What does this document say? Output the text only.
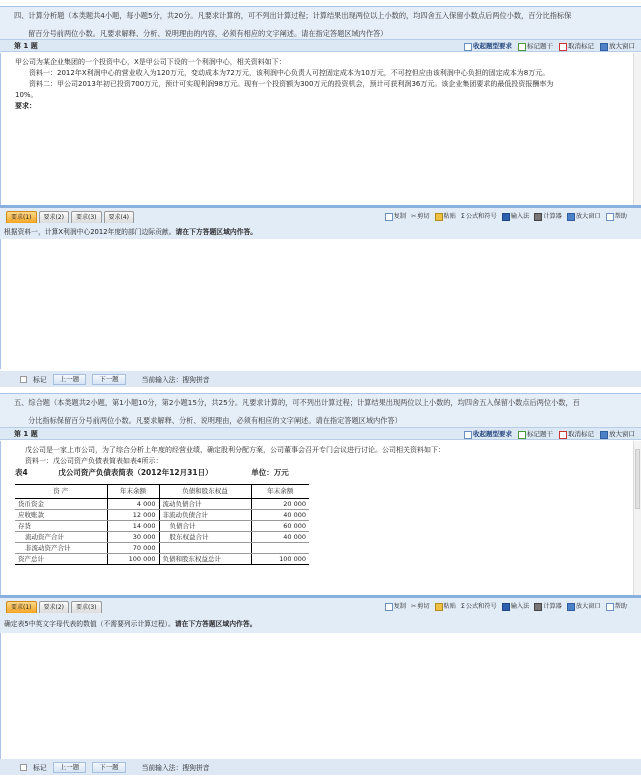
四、计算分析题（本类题共4小题，每小题5分，共20分。凡要求计算的，可不列出计算过程；计算结果出现两位以上小数的，均四舍五入保留小数点后两位小数，百分比指标保
留百分号前两位小数。凡要求解释、分析、说明理由的内容，必须有相应的文字阐述。请在指定答题区域内作答）
第 1 题	收起题型要求 标记题干 取消标记 放大窗口
甲公司为某企业集团的一个投资中心，X是甲公司下设的一个利润中心，相关资料如下：
资料一：2012年X利润中心的营业收入为120万元，变动成本为72万元，该利润中心负责人可控固定成本为10万元，不可控但应由该利润中心负担的固定成本为8万元。
资料二：甲公司2013年初已投资700万元，预计可实现利润98万元。现有一个投资额为300万元的投资机会，预计可获利润36万元。该企业集团要求的最低投资报酬率为
10%。
要求：
要求(1)	要求(2)	要求(3)	要求(4)	复制 ✂ 剪切 粘贴 Σ 公式和符号 输入法 计算器 放大窗口 帮助
根据资料一，计算X利润中心2012年度的部门边际贡献。请在下方答题区域内作答。
标记	上一题	下一题	当前输入法：搜狗拼音
五、综合题（本类题共2小题，第1小题10分，第2小题15分，共25分。凡要求计算的，可不列出计算过程；计算结果出现两位以上小数的，均四舍五入保留小数点后两位小数，百
分比指标保留百分号前两位小数。凡要求解释、分析、说明理由，必须有相应的文字阐述。请在指定答题区域内作答）
第 1 题	收起题型要求 标记题干 取消标记 放大窗口
戊公司是一家上市公司，为了综合分析上年度的经营业绩、确定股利分配方案，公司董事会召开专门会议进行讨论。公司相关资料如下：
资料一：戊公司资产负债表简表如表4所示：
表4	戊公司资产负债表简表（2012年12月31日）	单位：万元
资 产	年末余额	负债和股东权益	年末余额
货币资金	4 000	流动负债合计	20 000
应收账款	12 000	非流动负债合计	40 000
存货	14 000	负债合计	60 000
流动资产合计	30 000	股东权益合计	40 000
非流动资产合计	70 000		
资产总计	100 000	负债和股东权益总计	100 000
要求(1)	要求(2)	要求(3)	复制 ✂ 剪切 粘贴 Σ 公式和符号 输入法 计算器 放大窗口 帮助
确定表5中英文字母代表的数值（不需要列示计算过程）。请在下方答题区域内作答。
标记	上一题	下一题	当前输入法：搜狗拼音
